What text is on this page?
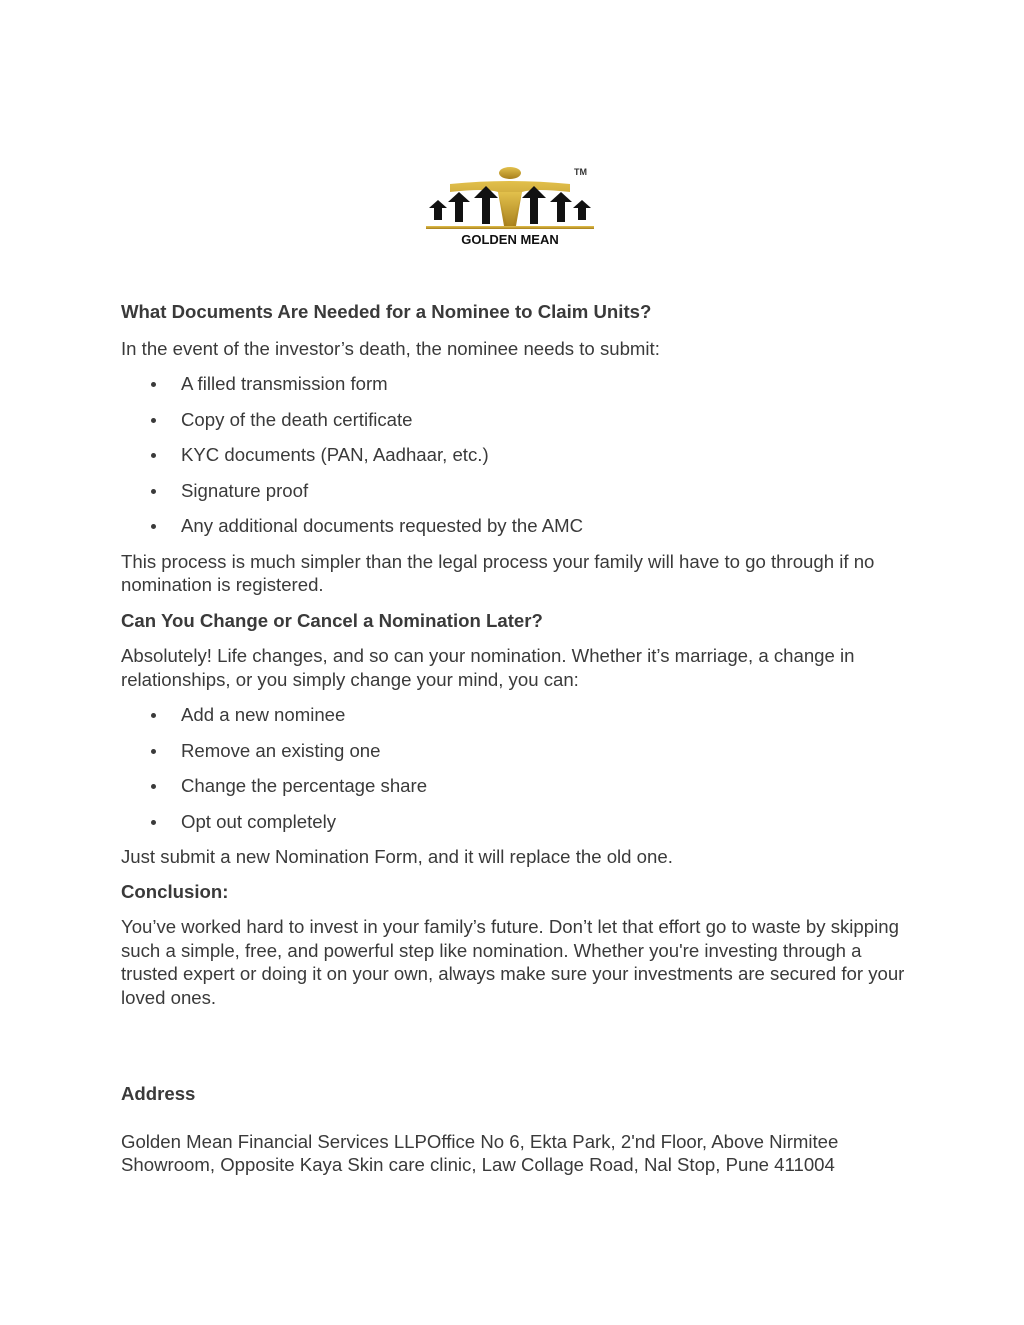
TM
GOLDEN MEAN

What Documents Are Needed for a Nominee to Claim Units?

In the event of the investor’s death, the nominee needs to submit:

A filled transmission form
Copy of the death certificate
KYC documents (PAN, Aadhaar, etc.)
Signature proof
Any additional documents requested by the AMC

This process is much simpler than the legal process your family will have to go through if no nomination is registered.

Can You Change or Cancel a Nomination Later?

Absolutely! Life changes, and so can your nomination. Whether it’s marriage, a change in relationships, or you simply change your mind, you can:

Add a new nominee
Remove an existing one
Change the percentage share
Opt out completely

Just submit a new Nomination Form, and it will replace the old one.

Conclusion:

You’ve worked hard to invest in your family’s future. Don’t let that effort go to waste by skipping such a simple, free, and powerful step like nomination. Whether you're investing through a trusted expert or doing it on your own, always make sure your investments are secured for your loved ones.

Address

Golden Mean Financial Services LLPOffice No 6, Ekta Park, 2'nd Floor, Above Nirmitee Showroom, Opposite Kaya Skin care clinic, Law Collage Road, Nal Stop, Pune 411004
